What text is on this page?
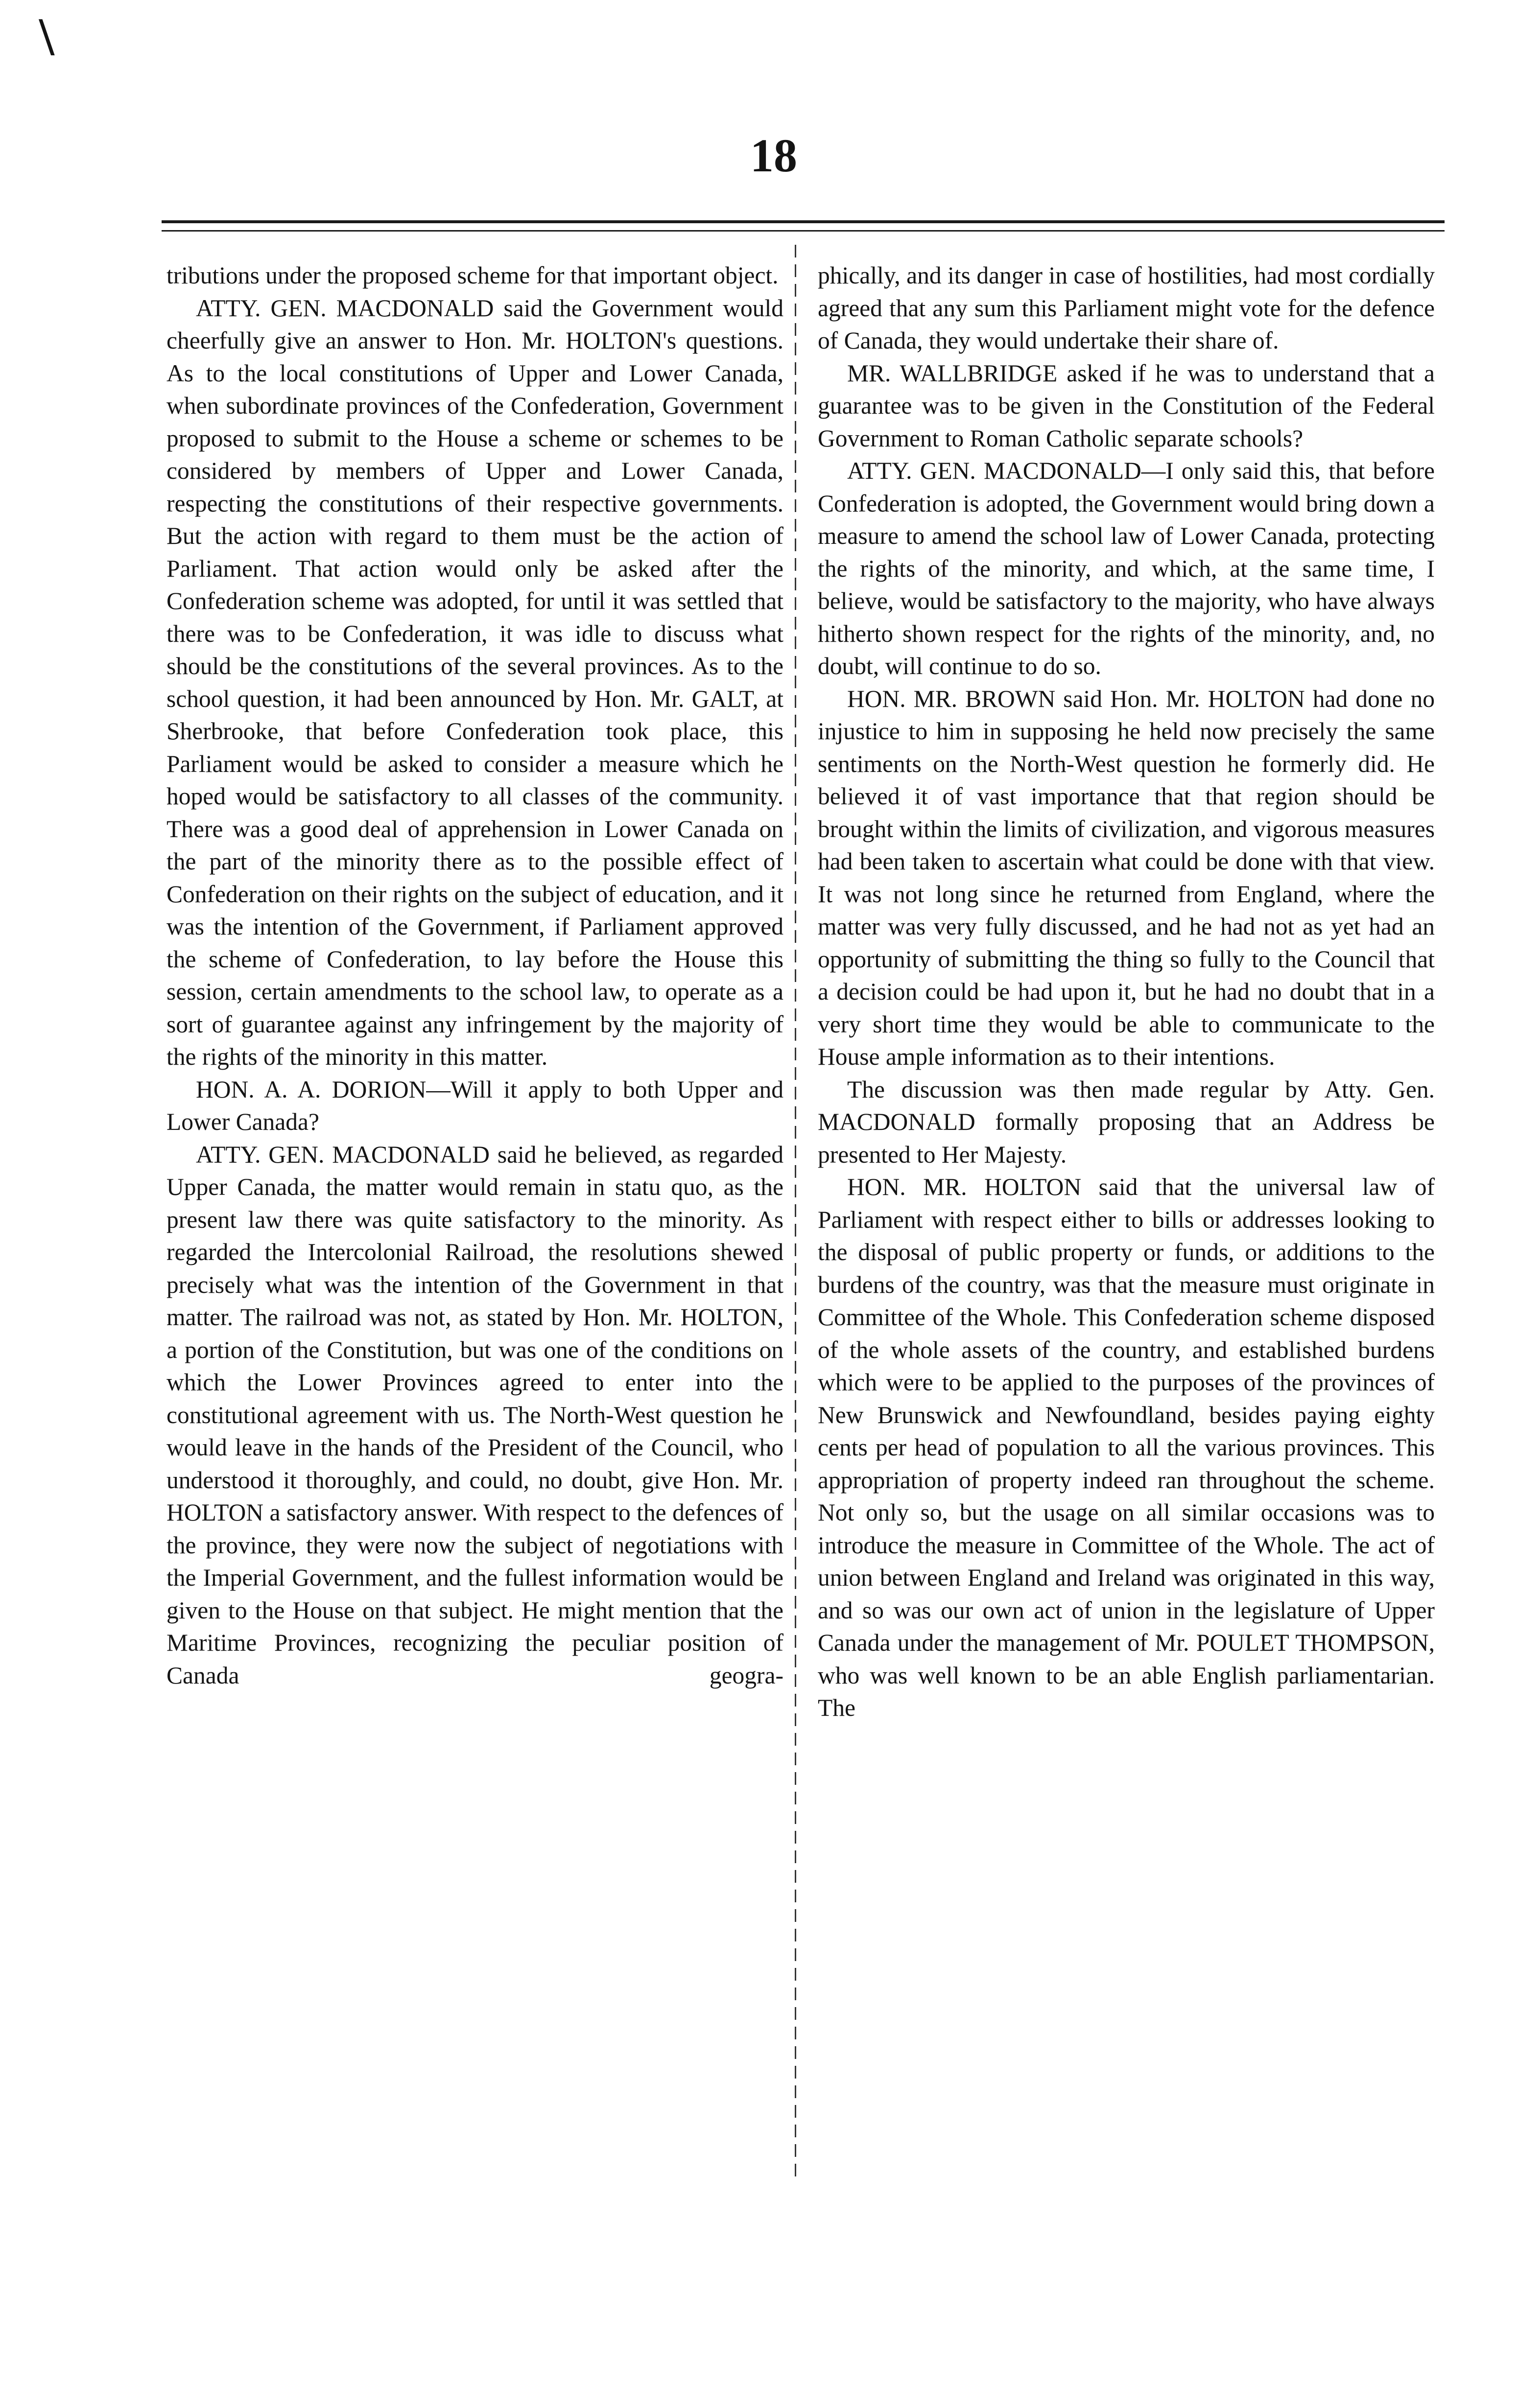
\
18

tributions under the proposed scheme for that important object.

ATTY. GEN. MACDONALD said the Government would cheerfully give an answer to Hon. Mr. HOLTON's questions. As to the local constitutions of Upper and Lower Canada, when subordinate provinces of the Confederation, Government proposed to submit to the House a scheme or schemes to be considered by members of Upper and Lower Canada, respecting the constitutions of their respective governments. But the action with regard to them must be the action of Parliament. That action would only be asked after the Confederation scheme was adopted, for until it was settled that there was to be Confederation, it was idle to discuss what should be the constitutions of the several provinces. As to the school question, it had been announced by Hon. Mr. GALT, at Sherbrooke, that before Confederation took place, this Parliament would be asked to consider a measure which he hoped would be satisfactory to all classes of the community. There was a good deal of apprehension in Lower Canada on the part of the minority there as to the possible effect of Confederation on their rights on the subject of education, and it was the intention of the Government, if Parliament approved the scheme of Confederation, to lay before the House this session, certain amendments to the school law, to operate as a sort of guarantee against any infringement by the majority of the rights of the minority in this matter.

HON. A. A. DORION—Will it apply to both Upper and Lower Canada?

ATTY. GEN. MACDONALD said he believed, as regarded Upper Canada, the matter would remain in statu quo, as the present law there was quite satisfactory to the minority. As regarded the Intercolonial Railroad, the resolutions shewed precisely what was the intention of the Government in that matter. The railroad was not, as stated by Hon. Mr. HOLTON, a portion of the Constitution, but was one of the conditions on which the Lower Provinces agreed to enter into the constitutional agreement with us. The North-West question he would leave in the hands of the President of the Council, who understood it thoroughly, and could, no doubt, give Hon. Mr. HOLTON a satisfactory answer. With respect to the defences of the province, they were now the subject of negotiations with the Imperial Government, and the fullest information would be given to the House on that subject. He might mention that the Maritime Provinces, recognizing the peculiar position of Canada geogra-

phically, and its danger in case of hostilities, had most cordially agreed that any sum this Parliament might vote for the defence of Canada, they would undertake their share of.

MR. WALLBRIDGE asked if he was to understand that a guarantee was to be given in the Constitution of the Federal Government to Roman Catholic separate schools?

ATTY. GEN. MACDONALD—I only said this, that before Confederation is adopted, the Government would bring down a measure to amend the school law of Lower Canada, protecting the rights of the minority, and which, at the same time, I believe, would be satisfactory to the majority, who have always hitherto shown respect for the rights of the minority, and, no doubt, will continue to do so.

HON. MR. BROWN said Hon. Mr. HOLTON had done no injustice to him in supposing he held now precisely the same sentiments on the North-West question he formerly did. He believed it of vast importance that that region should be brought within the limits of civilization, and vigorous measures had been taken to ascertain what could be done with that view. It was not long since he returned from England, where the matter was very fully discussed, and he had not as yet had an opportunity of submitting the thing so fully to the Council that a decision could be had upon it, but he had no doubt that in a very short time they would be able to communicate to the House ample information as to their intentions.

The discussion was then made regular by Atty. Gen. MACDONALD formally proposing that an Address be presented to Her Majesty.

HON. MR. HOLTON said that the universal law of Parliament with respect either to bills or addresses looking to the disposal of public property or funds, or additions to the burdens of the country, was that the measure must originate in Committee of the Whole. This Confederation scheme disposed of the whole assets of the country, and established burdens which were to be applied to the purposes of the provinces of New Brunswick and Newfoundland, besides paying eighty cents per head of population to all the various provinces. This appropriation of property indeed ran throughout the scheme. Not only so, but the usage on all similar occasions was to introduce the measure in Committee of the Whole. The act of union between England and Ireland was originated in this way, and so was our own act of union in the legislature of Upper Canada under the management of Mr. POULET THOMPSON, who was well known to be an able English parliamentarian. The
